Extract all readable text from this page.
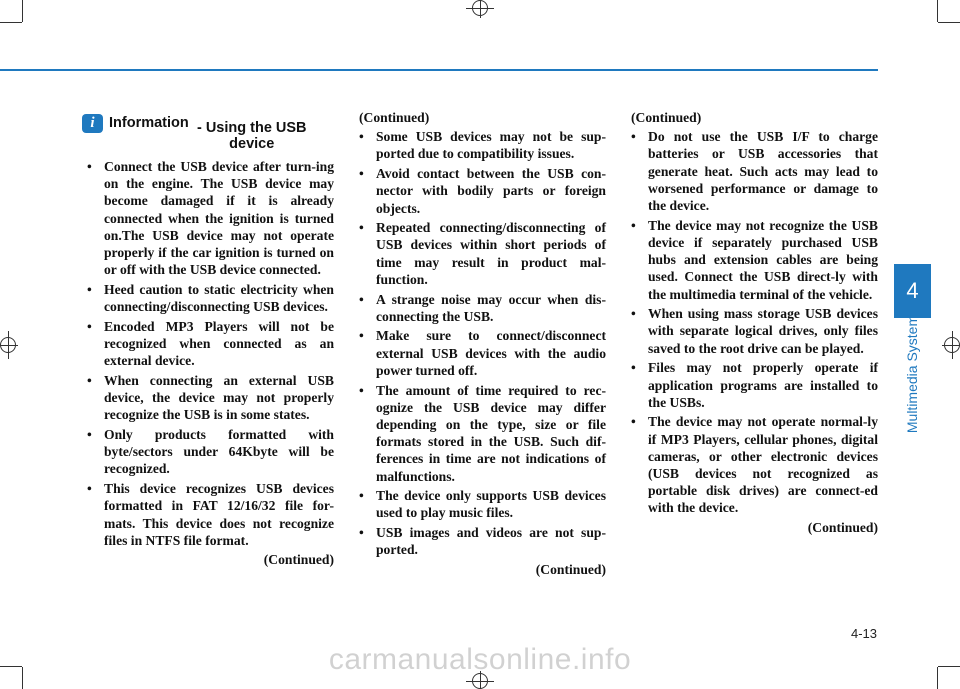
4
Multimedia System
i Information - Using the USB device
• Connect the USB device after turn-ing on the engine. The USB device may become damaged if it is already connected when the ignition is turned on.The USB device may not operate properly if the car ignition is turned on or off with the USB device connected.
• Heed caution to static electricity when connecting/disconnecting USB devices.
• Encoded MP3 Players will not be recognized when connected as an external device.
• When connecting an external USB device, the device may not properly recognize the USB is in some states.
• Only products formatted with byte/sectors under 64Kbyte will be recognized.
• This device recognizes USB devices formatted in FAT 12/16/32 file for-mats. This device does not recognize files in NTFS file format.
(Continued)
(Continued)
• Some USB devices may not be sup-ported due to compatibility issues.
• Avoid contact between the USB con-nector with bodily parts or foreign objects.
• Repeated connecting/disconnecting of USB devices within short periods of time may result in product mal-function.
• A strange noise may occur when dis-connecting the USB.
• Make sure to connect/disconnect external USB devices with the audio power turned off.
• The amount of time required to rec-ognize the USB device may differ depending on the type, size or file formats stored in the USB. Such dif-ferences in time are not indications of malfunctions.
• The device only supports USB devices used to play music files.
• USB images and videos are not sup-ported.
(Continued)
(Continued)
• Do not use the USB I/F to charge batteries or USB accessories that generate heat. Such acts may lead to worsened performance or damage to the device.
• The device may not recognize the USB device if separately purchased USB hubs and extension cables are being used. Connect the USB direct-ly with the multimedia terminal of the vehicle.
• When using mass storage USB devices with separate logical drives, only files saved to the root drive can be played.
• Files may not properly operate if application programs are installed to the USBs.
• The device may not operate normal-ly if MP3 Players, cellular phones, digital cameras, or other electronic devices (USB devices not recognized as portable disk drives) are connect-ed with the device.
(Continued)
4-13
carmanualsonline.info
